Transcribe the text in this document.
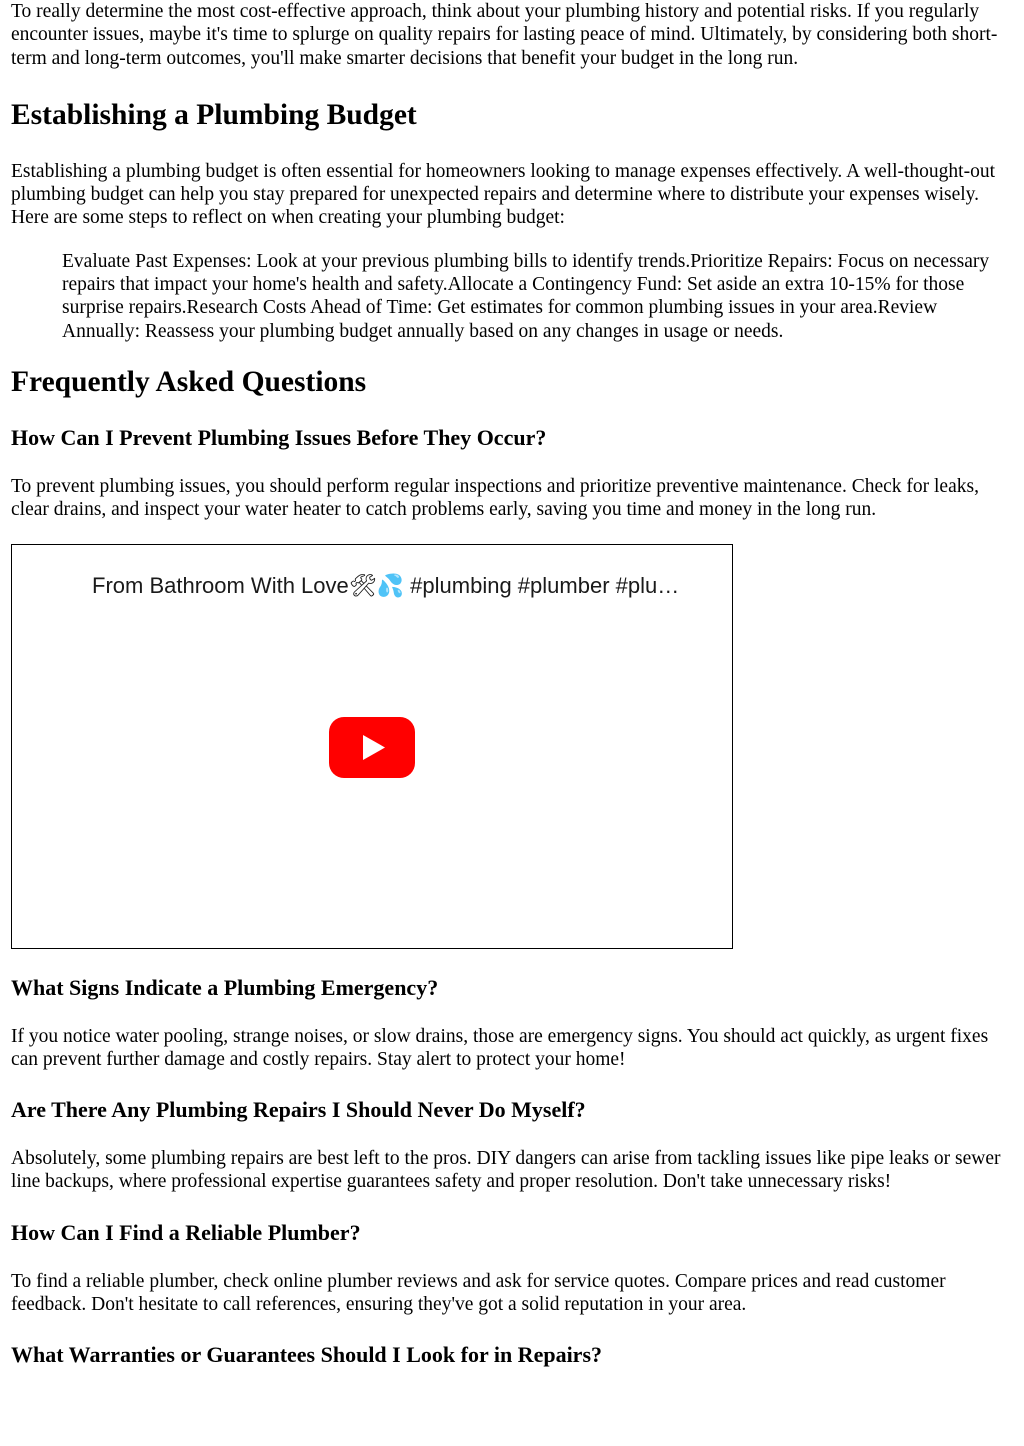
To really determine the most cost-effective approach, think about your plumbing history and potential risks. If you regularly encounter issues, maybe it's time to splurge on quality repairs for lasting peace of mind. Ultimately, by considering both short-term and long-term outcomes, you'll make smarter decisions that benefit your budget in the long run.

Establishing a Plumbing Budget

Establishing a plumbing budget is often essential for homeowners looking to manage expenses effectively. A well-thought-out plumbing budget can help you stay prepared for unexpected repairs and determine where to distribute your expenses wisely. Here are some steps to reflect on when creating your plumbing budget:

Evaluate Past Expenses: Look at your previous plumbing bills to identify trends.Prioritize Repairs: Focus on necessary repairs that impact your home's health and safety.Allocate a Contingency Fund: Set aside an extra 10-15% for those surprise repairs.Research Costs Ahead of Time: Get estimates for common plumbing issues in your area.Review Annually: Reassess your plumbing budget annually based on any changes in usage or needs.

Frequently Asked Questions
How Can I Prevent Plumbing Issues Before They Occur?

To prevent plumbing issues, you should perform regular inspections and prioritize preventive maintenance. Check for leaks, clear drains, and inspect your water heater to catch problems early, saving you time and money in the long run.

From Bathroom With Love🛠💦 #plumbing #plumber #plu…
What Signs Indicate a Plumbing Emergency?

If you notice water pooling, strange noises, or slow drains, those are emergency signs. You should act quickly, as urgent fixes can prevent further damage and costly repairs. Stay alert to protect your home!

Are There Any Plumbing Repairs I Should Never Do Myself?

Absolutely, some plumbing repairs are best left to the pros. DIY dangers can arise from tackling issues like pipe leaks or sewer line backups, where professional expertise guarantees safety and proper resolution. Don't take unnecessary risks!

How Can I Find a Reliable Plumber?

To find a reliable plumber, check online plumber reviews and ask for service quotes. Compare prices and read customer feedback. Don't hesitate to call references, ensuring they've got a solid reputation in your area.

What Warranties or Guarantees Should I Look for in Repairs?
